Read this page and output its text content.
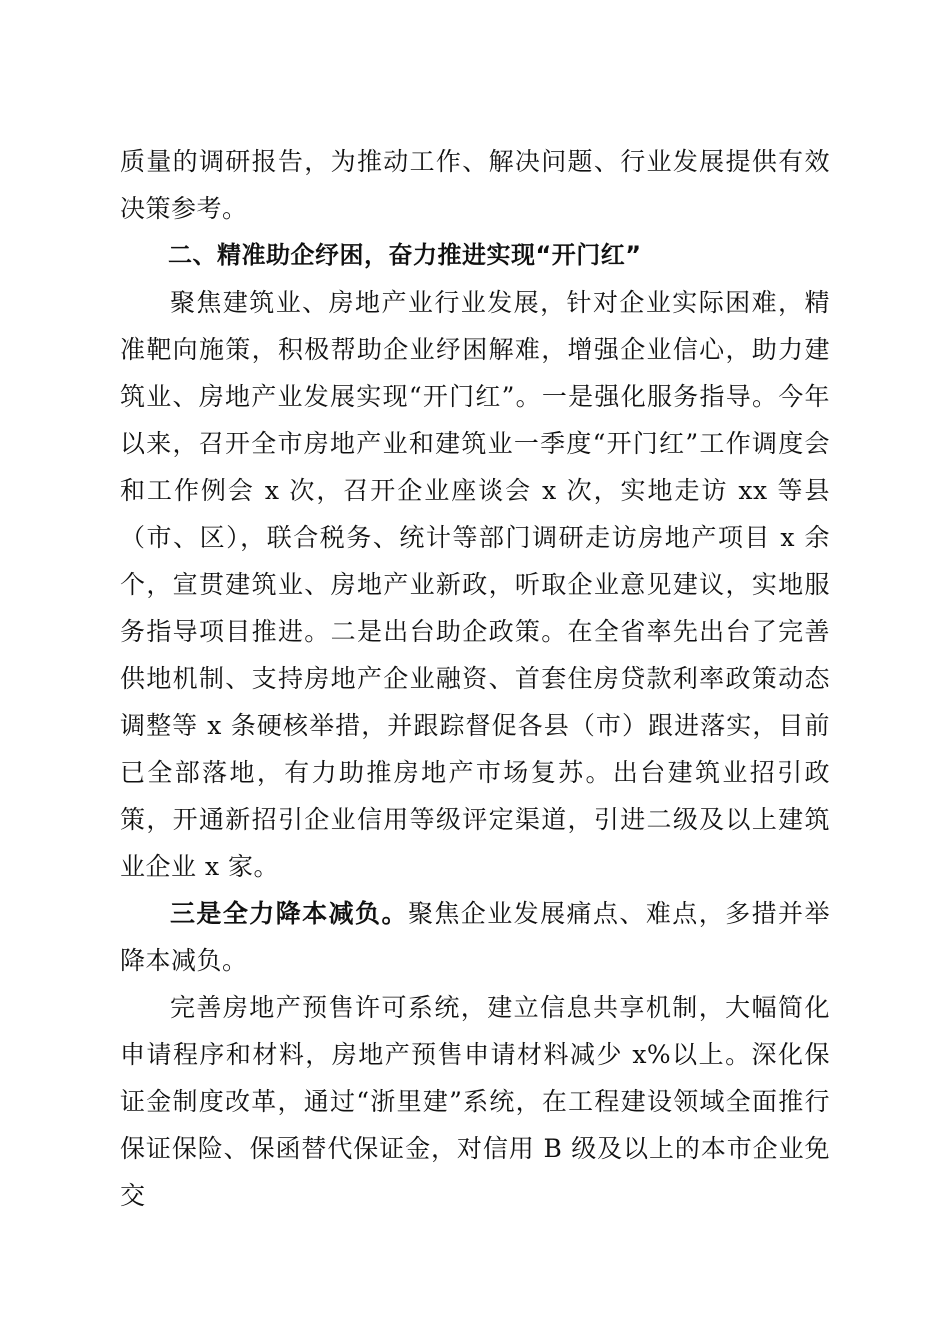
质量的调研报告，为推动工作、解决问题、行业发展提供有效决策参考。

二、精准助企纾困，奋力推进实现“开门红”

聚焦建筑业、房地产业行业发展，针对企业实际困难，精准靶向施策，积极帮助企业纾困解难，增强企业信心，助力建筑业、房地产业发展实现“开门红”。一是强化服务指导。今年以来，召开全市房地产业和建筑业一季度“开门红”工作调度会和工作例会 x 次，召开企业座谈会 x 次，实地走访 xx 等县（市、区），联合税务、统计等部门调研走访房地产项目 x 余个，宣贯建筑业、房地产业新政，听取企业意见建议，实地服务指导项目推进。二是出台助企政策。在全省率先出台了完善供地机制、支持房地产企业融资、首套住房贷款利率政策动态调整等 x 条硬核举措，并跟踪督促各县（市）跟进落实，目前已全部落地，有力助推房地产市场复苏。出台建筑业招引政策，开通新招引企业信用等级评定渠道，引进二级及以上建筑业企业 x 家。

三是全力降本减负。聚焦企业发展痛点、难点，多措并举降本减负。

完善房地产预售许可系统，建立信息共享机制，大幅简化申请程序和材料，房地产预售申请材料减少 x%以上。深化保证金制度改革，通过“浙里建”系统，在工程建设领域全面推行保证保险、保函替代保证金，对信用 B 级及以上的本市企业免交
